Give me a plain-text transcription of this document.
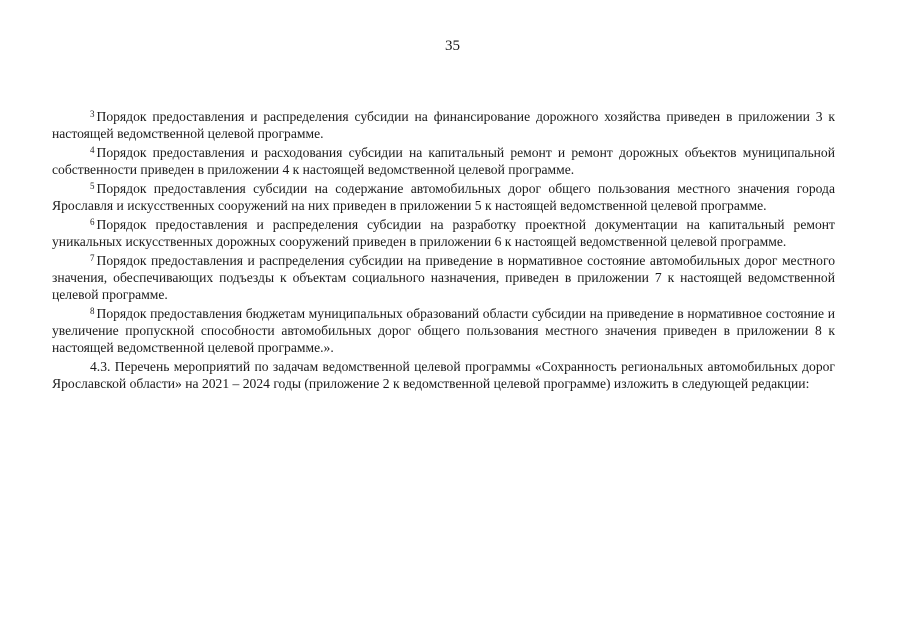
35

$^3$ Порядок предоставления и распределения субсидии на финансирование дорожного хозяйства приведен в приложении 3 к настоящей ведомственной целевой программе.

$^4$ Порядок предоставления и расходования субсидии на капитальный ремонт и ремонт дорожных объектов муниципальной собственности приведен в приложении 4 к настоящей ведомственной целевой программе.

$^5$ Порядок предоставления субсидии на содержание автомобильных дорог общего пользования местного значения города Ярославля и искусственных сооружений на них приведен в приложении 5 к настоящей ведомственной целевой программе.

$^6$ Порядок предоставления и распределения субсидии на разработку проектной документации на капитальный ремонт уникальных искусственных дорожных сооружений приведен в приложении 6 к настоящей ведомственной целевой программе.

$^7$ Порядок предоставления и распределения субсидии на приведение в нормативное состояние автомобильных дорог местного значения, обеспечивающих подъезды к объектам социального назначения, приведен в приложении 7 к настоящей ведомственной целевой программе.

$^8$ Порядок предоставления бюджетам муниципальных образований области субсидии на приведение в нормативное состояние и увеличение пропускной способности автомобильных дорог общего пользования местного значения приведен в приложении 8 к настоящей ведомственной целевой программе.».

4.3. Перечень мероприятий по задачам ведомственной целевой программы «Сохранность региональных автомобильных дорог Ярославской области» на 2021 – 2024 годы (приложение 2 к ведомственной целевой программе) изложить в следующей редакции:
